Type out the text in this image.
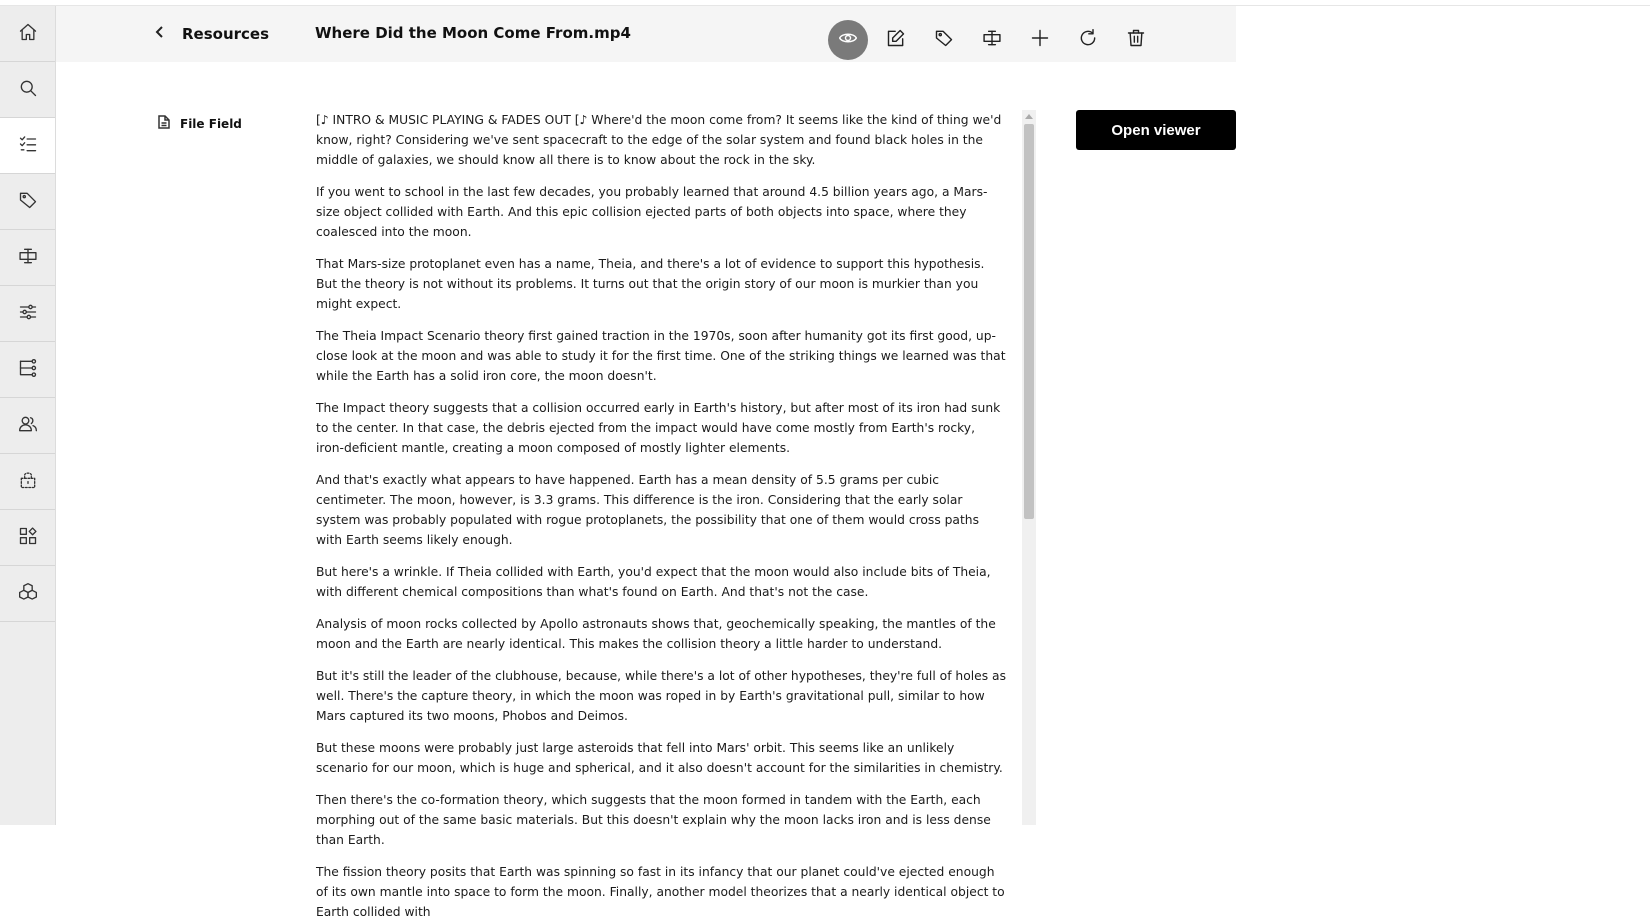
Resources	Where Did the Moon Come From.mp4
File Field	[♪ INTRO & MUSIC PLAYING & FADES OUT [♪ Where'd the moon come from? It seems like the kind of thing we'd know, right? Considering we've sent spacecraft to the edge of the solar system and found black holes in the middle of galaxies, we should know all there is to know about the rock in the sky.

If you went to school in the last few decades, you probably learned that around 4.5 billion years ago, a Mars-size object collided with Earth. And this epic collision ejected parts of both objects into space, where they coalesced into the moon.

That Mars-size protoplanet even has a name, Theia, and there's a lot of evidence to support this hypothesis. But the theory is not without its problems. It turns out that the origin story of our moon is murkier than you might expect.

The Theia Impact Scenario theory first gained traction in the 1970s, soon after humanity got its first good, up-close look at the moon and was able to study it for the first time. One of the striking things we learned was that while the Earth has a solid iron core, the moon doesn't.

The Impact theory suggests that a collision occurred early in Earth's history, but after most of its iron had sunk to the center. In that case, the debris ejected from the impact would have come mostly from Earth's rocky, iron-deficient mantle, creating a moon composed of mostly lighter elements.

And that's exactly what appears to have happened. Earth has a mean density of 5.5 grams per cubic centimeter. The moon, however, is 3.3 grams. This difference is the iron. Considering that the early solar system was probably populated with rogue protoplanets, the possibility that one of them would cross paths with Earth seems likely enough.

But here's a wrinkle. If Theia collided with Earth, you'd expect that the moon would also include bits of Theia, with different chemical compositions than what's found on Earth. And that's not the case.

Analysis of moon rocks collected by Apollo astronauts shows that, geochemically speaking, the mantles of the moon and the Earth are nearly identical. This makes the collision theory a little harder to understand.

But it's still the leader of the clubhouse, because, while there's a lot of other hypotheses, they're full of holes as well. There's the capture theory, in which the moon was roped in by Earth's gravitational pull, similar to how Mars captured its two moons, Phobos and Deimos.

But these moons were probably just large asteroids that fell into Mars' orbit. This seems like an unlikely scenario for our moon, which is huge and spherical, and it also doesn't account for the similarities in chemistry.

Then there's the co-formation theory, which suggests that the moon formed in tandem with the Earth, each morphing out of the same basic materials. But this doesn't explain why the moon lacks iron and is less dense than Earth.

The fission theory posits that Earth was spinning so fast in its infancy that our planet could've ejected enough of its own mantle into space to form the moon. Finally, another model theorizes that a nearly identical object to Earth collided with

Open viewer
